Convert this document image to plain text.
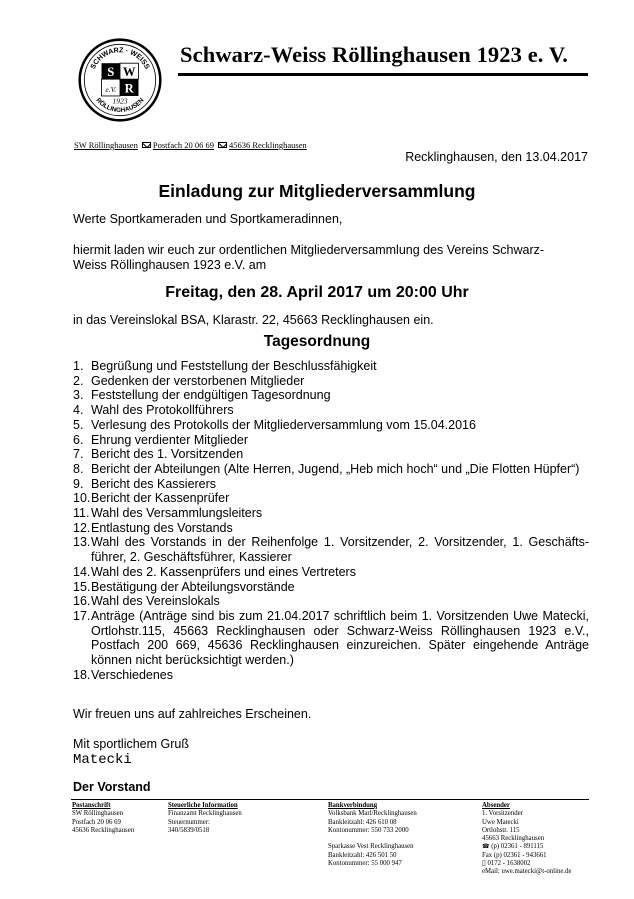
SCHWARZ · WEISS
RÖLLINGHAUSEN
S W
e.V. R
1923
Schwarz-Weiss Röllinghausen 1923 e. V.
SW Röllinghausen Postfach 20 06 69 45636 Recklinghausen
Recklinghausen, den 13.04.2017
Einladung zur Mitgliederversammlung
Werte Sportkameraden und Sportkameradinnen,
hiermit laden wir euch zur ordentlichen Mitgliederversammlung des Vereins Schwarz-Weiss Röllinghausen 1923 e.V. am
Freitag, den 28. April 2017 um 20:00 Uhr
in das Vereinslokal BSA, Klarastr. 22, 45663 Recklinghausen ein.
Tagesordnung
1. Begrüßung und Feststellung der Beschlussfähigkeit
2. Gedenken der verstorbenen Mitglieder
3. Feststellung der endgültigen Tagesordnung
4. Wahl des Protokollführers
5. Verlesung des Protokolls der Mitgliederversammlung vom 15.04.2016
6. Ehrung verdienter Mitglieder
7. Bericht des 1. Vorsitzenden
8. Bericht der Abteilungen (Alte Herren, Jugend, „Heb mich hoch“ und „Die Flotten Hüpfer“)
9. Bericht des Kassierers
10. Bericht der Kassenprüfer
11. Wahl des Versammlungsleiters
12. Entlastung des Vorstands
13. Wahl des Vorstands in der Reihenfolge 1. Vorsitzender, 2. Vorsitzender, 1. Geschäfts-führer, 2. Geschäftsführer, Kassierer
14. Wahl des 2. Kassenprüfers und eines Vertreters
15. Bestätigung der Abteilungsvorstände
16. Wahl des Vereinslokals
17. Anträge (Anträge sind bis zum 21.04.2017 schriftlich beim 1. Vorsitzenden Uwe Matecki, Ortlohstr.115, 45663 Recklinghausen oder Schwarz-Weiss Röllinghausen 1923 e.V., Postfach 200 669, 45636 Recklinghausen einzureichen. Später eingehende Anträge können nicht berücksichtigt werden.)
18. Verschiedenes
Wir freuen uns auf zahlreiches Erscheinen.
Mit sportlichem Gruß
Matecki
Der Vorstand
Postanschrift
SW Röllinghausen
Postfach 20 06 69
45636 Recklinghausen
Steuerliche Information
Finanzamt Recklinghausen
Steuernummer:
340/5839/0518
Bankverbindung
Volksbank Marl/Recklinghausen
Bankleitzahl: 426 610 08
Kontonummer: 550 733 2000
Sparkasse Vest Recklinghausen
Bankleitzahl: 426 501 50
Kontonummer: 55 000 947
Absender
1. Vorsitzender
Uwe Matecki
Ortlohstr. 115
45663 Recklinghausen
☎ (p) 02361 - 891115
Fax (p) 02361 - 943661
▯ 0172 - 1638002
eMail: uwe.matecki@t-online.de
